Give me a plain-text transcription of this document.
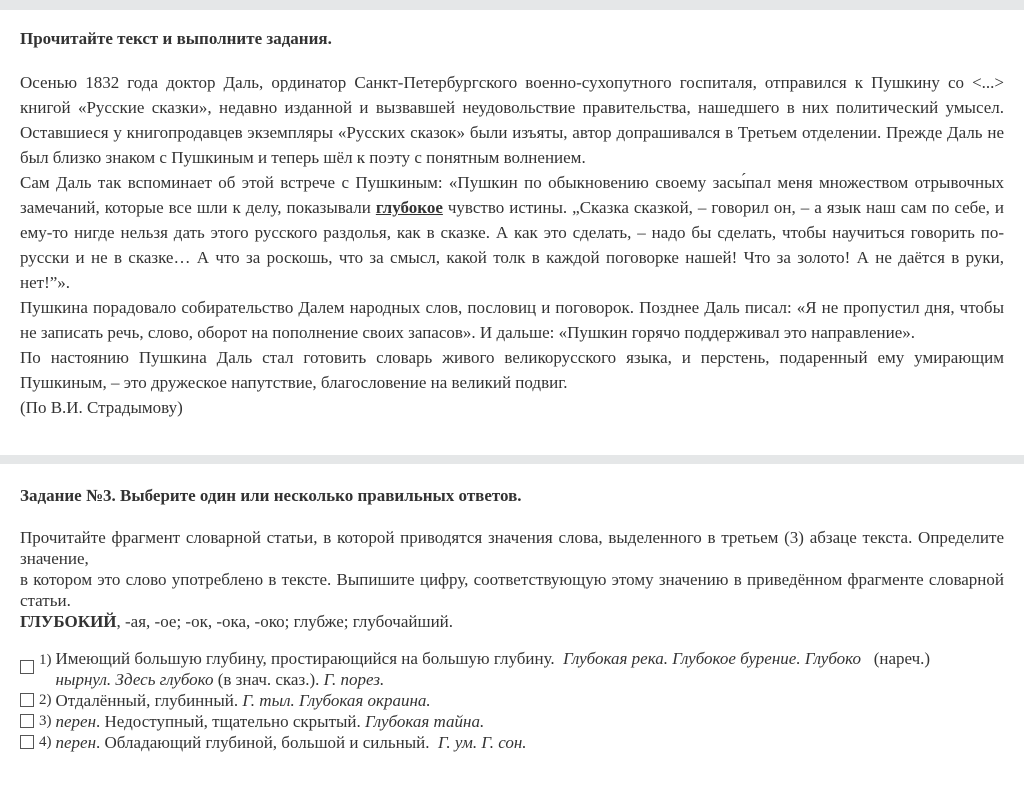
Прочитайте текст и выполните задания.

Осенью 1832 года доктор Даль, ординатор Санкт-Петербургского военно-сухопутного госпиталя, отправился к Пушкину со <...> книгой «Русские сказки», недавно изданной и вызвавшей неудовольствие правительства, нашедшего в них политический умысел. Оставшиеся у книгопродавцев экземпляры «Русских сказок» были изъяты, автор допрашивался в Третьем отделении. Прежде Даль не был близко знаком с Пушкиным и теперь шёл к поэту с понятным волнением.

Сам Даль так вспоминает об этой встрече с Пушкиным: «Пушкин по обыкновению своему засы́пал меня множеством отрывочных замечаний, которые все шли к делу, показывали глубокое чувство истины. „Сказка сказкой, – говорил он, – а язык наш сам по себе, и ему-то нигде нельзя дать этого русского раздолья, как в сказке. А как это сделать, – надо бы сделать, чтобы научиться говорить по-русски и не в сказке… А что за роскошь, что за смысл, какой толк в каждой поговорке нашей! Что за золото! А не даётся в руки, нет!”».

Пушкина порадовало собирательство Далем народных слов, пословиц и поговорок. Позднее Даль писал: «Я не пропустил дня, чтобы не записать речь, слово, оборот на пополнение своих запасов». И дальше: «Пушкин горячо поддерживал это направление».

По настоянию Пушкина Даль стал готовить словарь живого великорусского языка, и перстень, подаренный ему умирающим Пушкиным, – это дружеское напутствие, благословение на великий подвиг.

(По В.И. Страдымову)

Задание №3. Выберите один или несколько правильных ответов.

Прочитайте фрагмент словарной статьи, в которой приводятся значения слова, выделенного в третьем (3) абзаце текста. Определите значение,
в котором это слово употреблено в тексте. Выпишите цифру, соответствующую этому значению в приведённом фрагменте словарной статьи.

ГЛУБОКИЙ, -ая, -ое; -ок, -ока, -око; глубже; глубочайший.

1) Имеющий большую глубину, простирающийся на большую глубину. Глубокая река. Глубокое бурение. Глубоко (нареч.)
нырнул. Здесь глубоко (в знач. сказ.). Г. порез.
2) Отдалённый, глубинный. Г. тыл. Глубокая окраина.
3) перен. Недоступный, тщательно скрытый. Глубокая тайна.
4) перен. Обладающий глубиной, большой и сильный. Г. ум. Г. сон.
